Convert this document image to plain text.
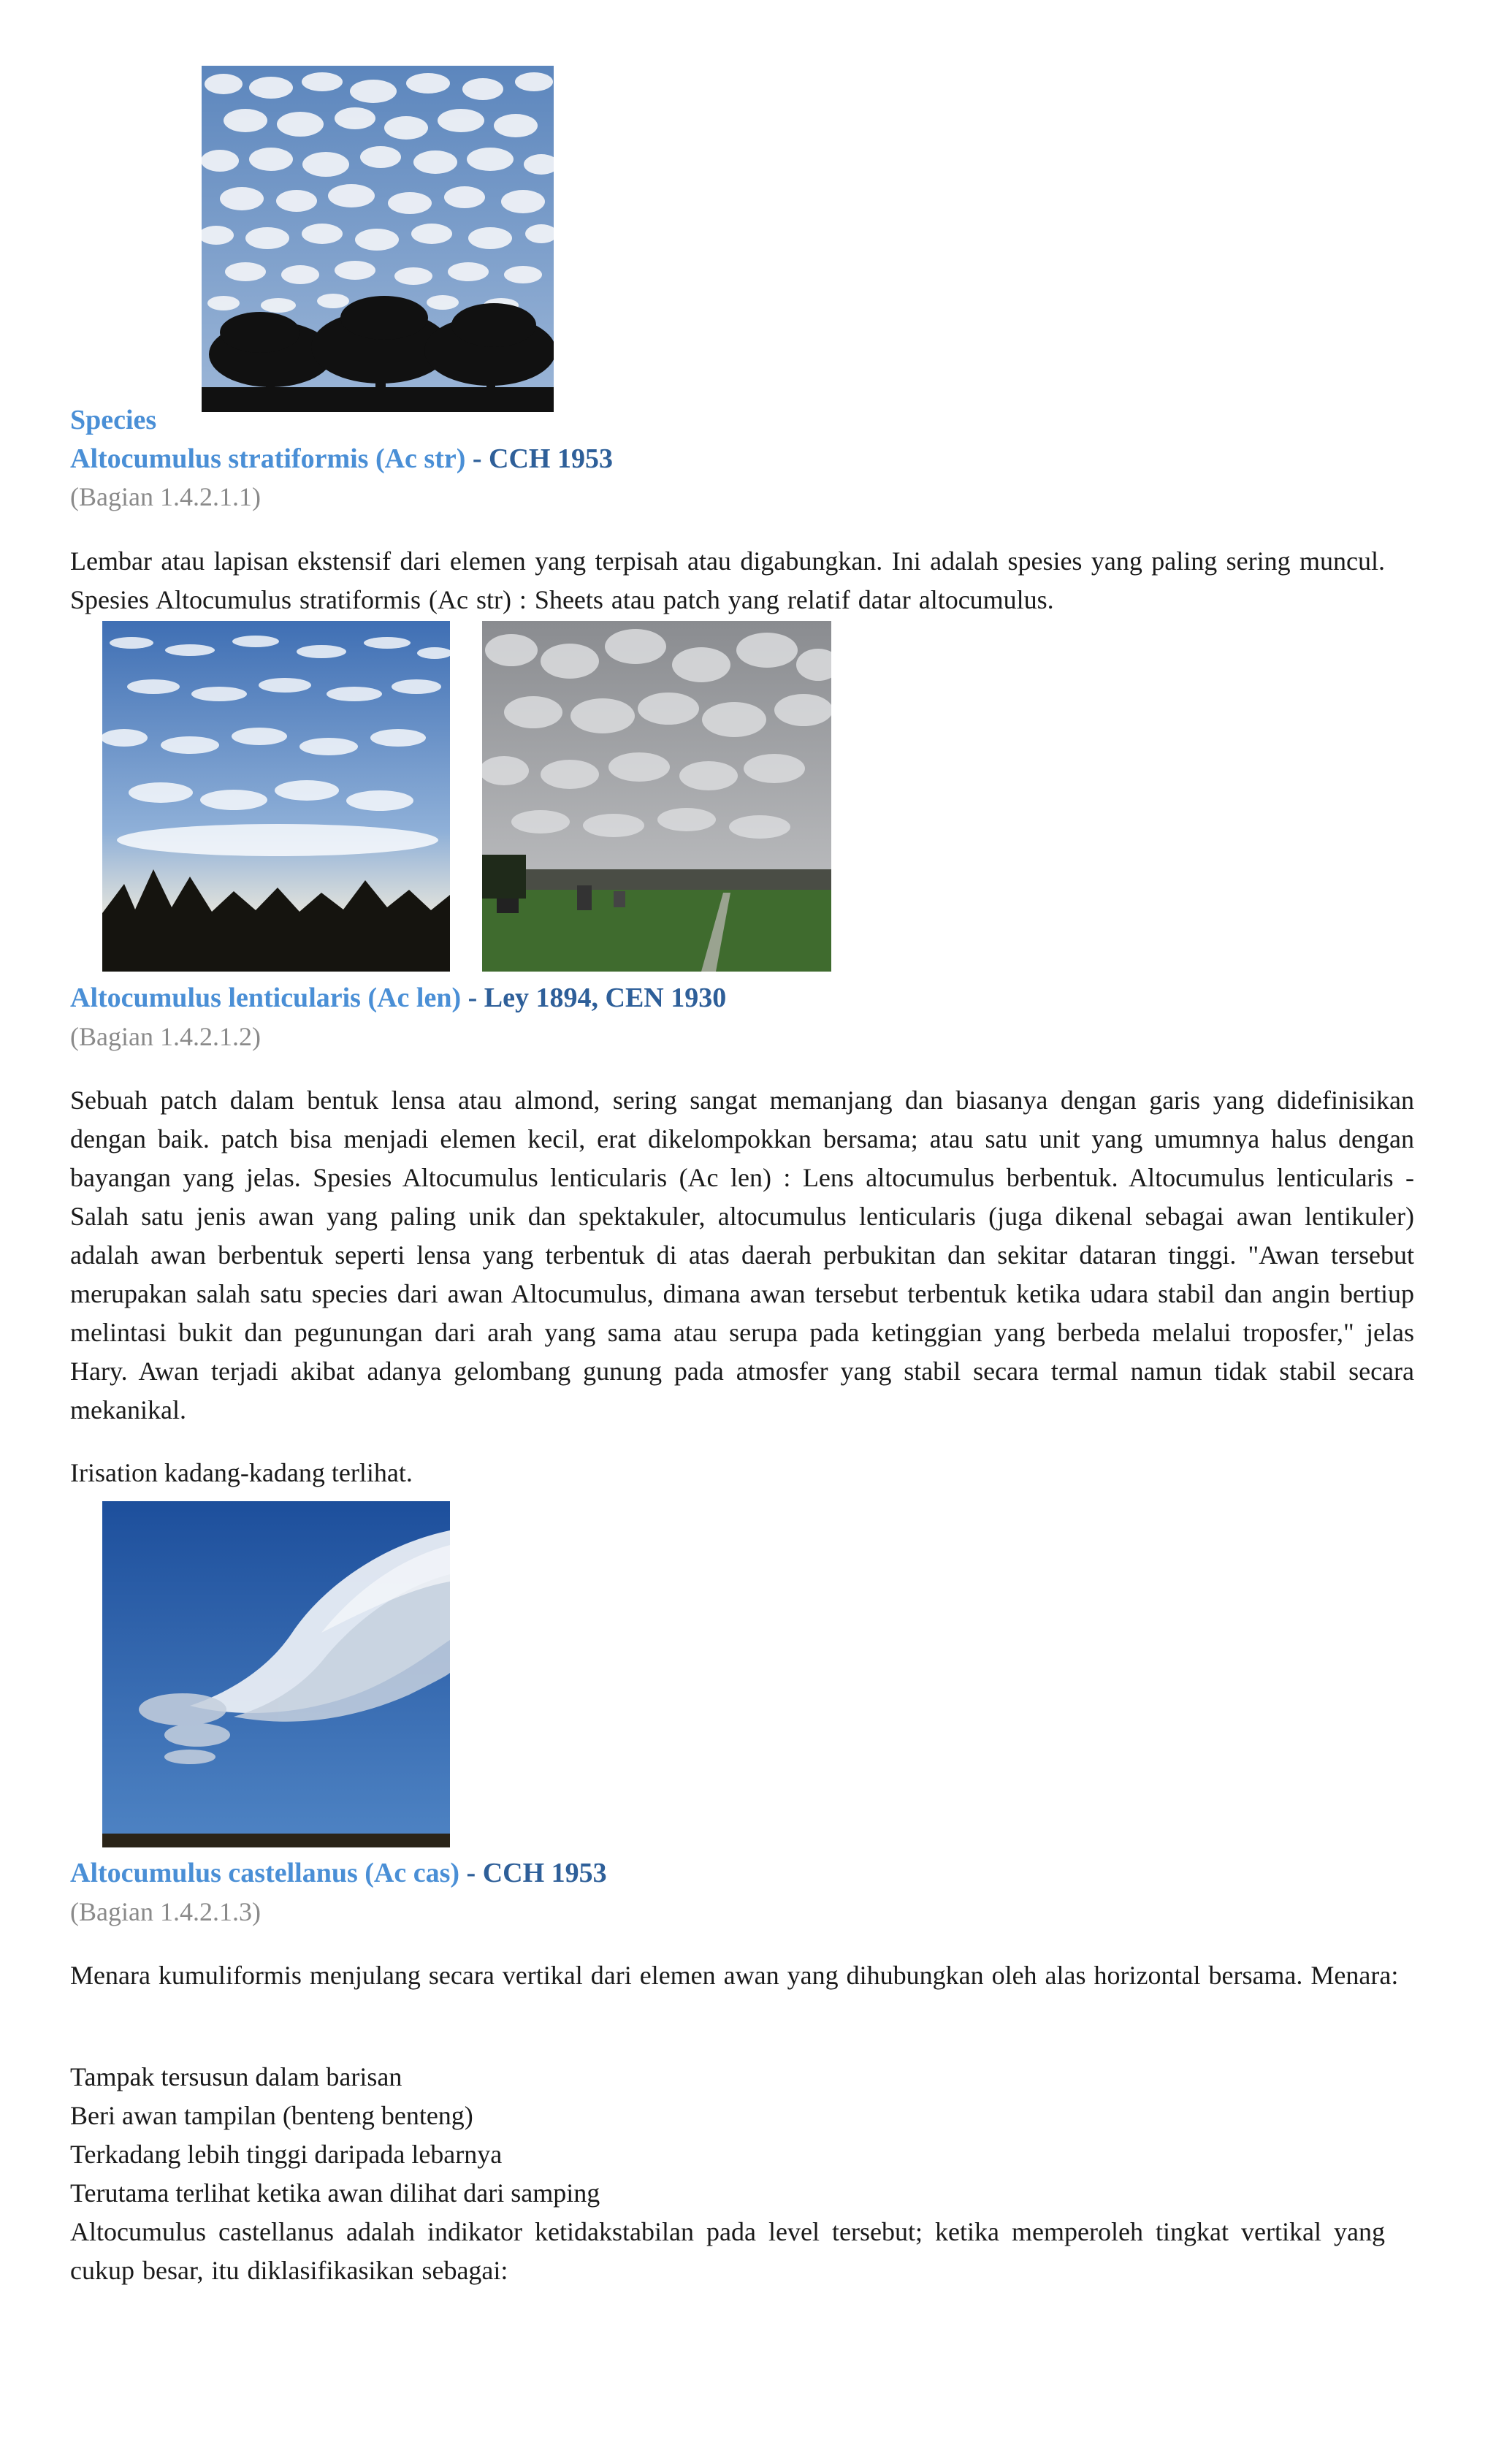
Species
Altocumulus stratiformis (Ac str) - CCH 1953
(Bagian 1.4.2.1.1)
Lembar atau lapisan ekstensif dari elemen yang terpisah atau digabungkan. Ini adalah spesies yang paling sering muncul. Spesies Altocumulus stratiformis (Ac str) : Sheets atau patch yang relatif datar altocumulus.
Altocumulus lenticularis (Ac len) - Ley 1894, CEN 1930
(Bagian 1.4.2.1.2)
Sebuah patch dalam bentuk lensa atau almond, sering sangat memanjang dan biasanya dengan garis yang didefinisikan dengan baik. patch bisa menjadi elemen kecil, erat dikelompokkan bersama; atau satu unit yang umumnya halus dengan bayangan yang jelas. Spesies Altocumulus lenticularis (Ac len) : Lens altocumulus berbentuk. Altocumulus lenticularis - Salah satu jenis awan yang paling unik dan spektakuler, altocumulus lenticularis (juga dikenal sebagai awan lentikuler) adalah awan berbentuk seperti lensa yang terbentuk di atas daerah perbukitan dan sekitar dataran tinggi. "Awan tersebut merupakan salah satu species dari awan Altocumulus, dimana awan tersebut terbentuk ketika udara stabil dan angin bertiup melintasi bukit dan pegunungan dari arah yang sama atau serupa pada ketinggian yang berbeda melalui troposfer," jelas Hary. Awan terjadi akibat adanya gelombang gunung pada atmosfer yang stabil secara termal namun tidak stabil secara mekanikal.
Irisation kadang-kadang terlihat.
Altocumulus castellanus (Ac cas) - CCH 1953
(Bagian 1.4.2.1.3)
Menara kumuliformis menjulang secara vertikal dari elemen awan yang dihubungkan oleh alas horizontal bersama. Menara:
Tampak tersusun dalam barisan
Beri awan tampilan (benteng benteng)
Terkadang lebih tinggi daripada lebarnya
Terutama terlihat ketika awan dilihat dari samping
Altocumulus castellanus adalah indikator ketidakstabilan pada level tersebut; ketika memperoleh tingkat vertikal yang cukup besar, itu diklasifikasikan sebagai:
